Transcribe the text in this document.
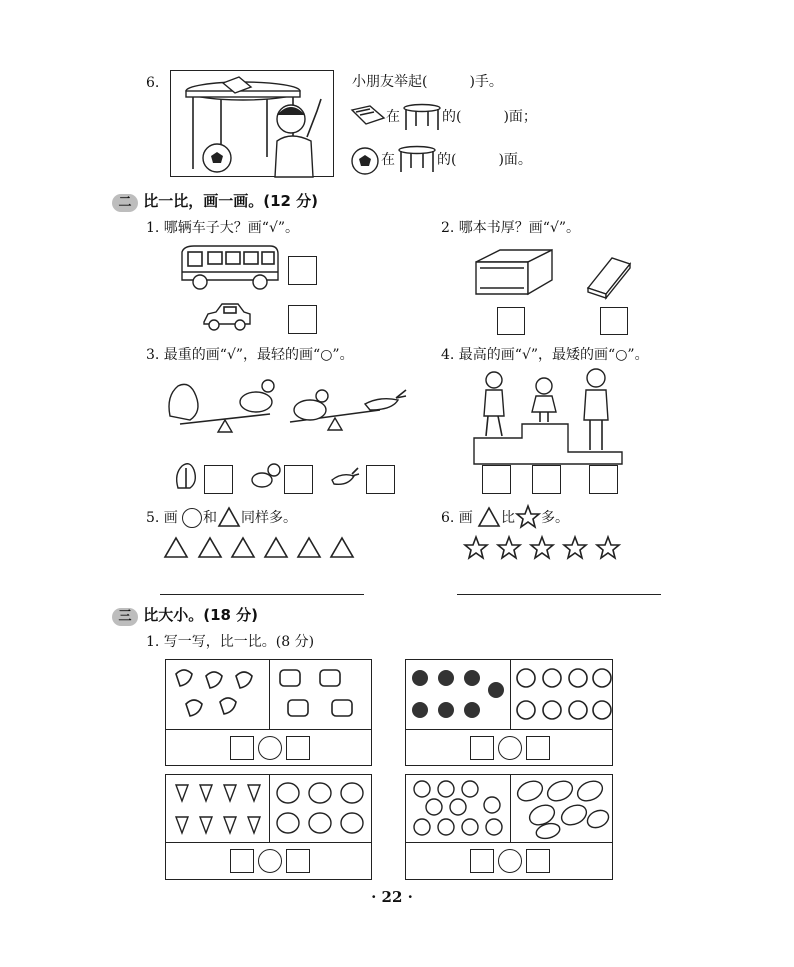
6.	小朋友举起(　　　)手。
在	的(　　　)面；
在	的(　　　)面。
二 比一比，画一画。(12 分)
1. 哪辆车子大？画“√”。	2. 哪本书厚？画“√”。
3. 最重的画“√”，最轻的画“○”。	4. 最高的画“√”，最矮的画“○”。
5. 画 和 同样多。	6. 画 比 多。
三 比大小。(18 分)
1. 写一写，比一比。(8 分)
· 22 ·
